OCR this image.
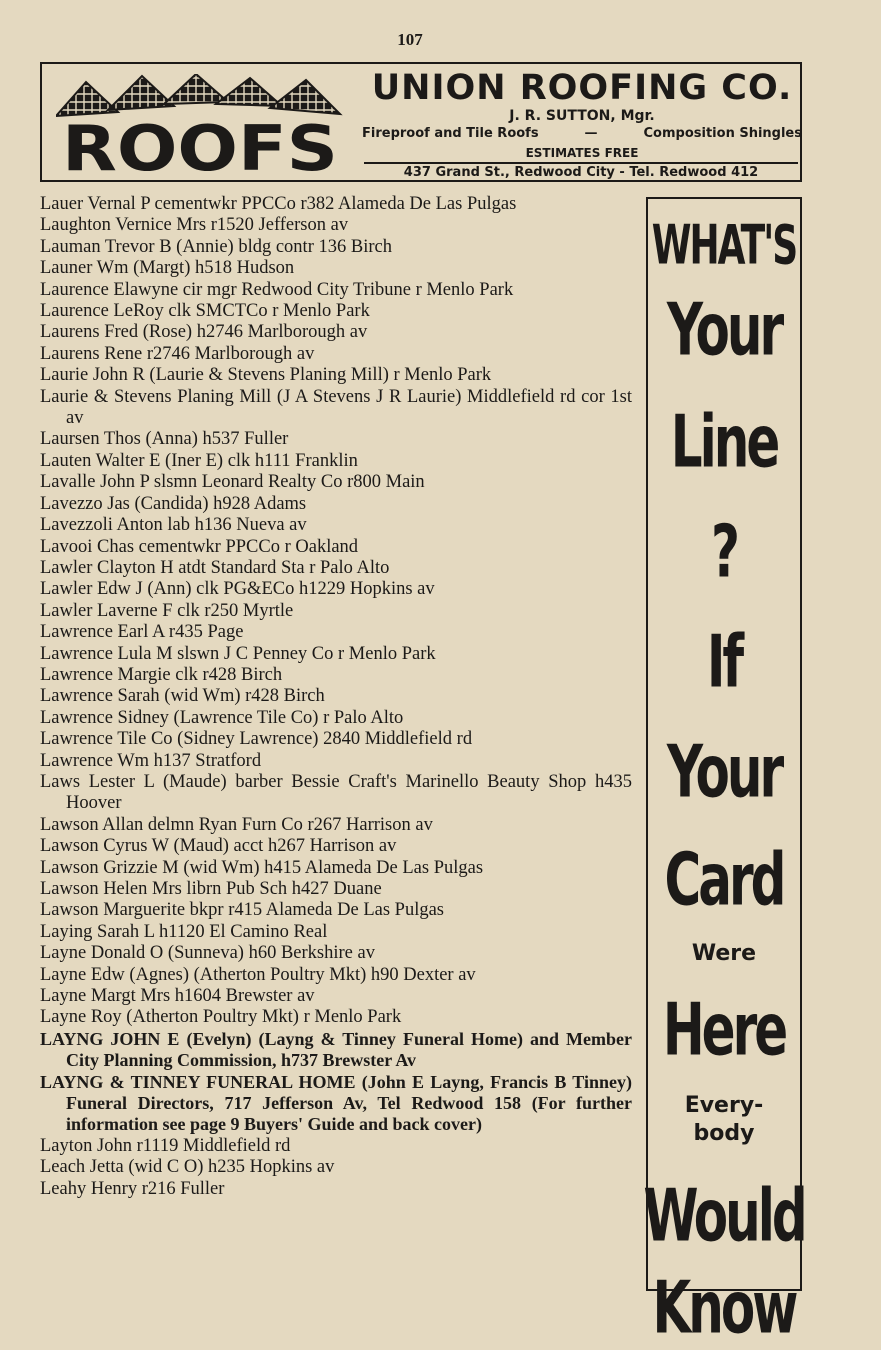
107
ROOFS
UNION ROOFING CO.
J. R. SUTTON, Mgr.
Fireproof and Tile Roofs	—	Composition Shingles
ESTIMATES FREE
437 Grand St., Redwood City - Tel. Redwood 412
Lauer Vernal P cementwkr PPCCo r382 Alameda De Las Pulgas
Laughton Vernice Mrs r1520 Jefferson av
Lauman Trevor B (Annie) bldg contr 136 Birch
Launer Wm (Margt) h518 Hudson
Laurence Elawyne cir mgr Redwood City Tribune r Menlo Park
Laurence LeRoy clk SMCTCo r Menlo Park
Laurens Fred (Rose) h2746 Marlborough av
Laurens Rene r2746 Marlborough av
Laurie John R (Laurie & Stevens Planing Mill) r Menlo Park
Laurie & Stevens Planing Mill (J A Stevens J R Laurie) Middlefield rd cor 1st av
Laursen Thos (Anna) h537 Fuller
Lauten Walter E (Iner E) clk h111 Franklin
Lavalle John P slsmn Leonard Realty Co r800 Main
Lavezzo Jas (Candida) h928 Adams
Lavezzoli Anton lab h136 Nueva av
Lavooi Chas cementwkr PPCCo r Oakland
Lawler Clayton H atdt Standard Sta r Palo Alto
Lawler Edw J (Ann) clk PG&ECo h1229 Hopkins av
Lawler Laverne F clk r250 Myrtle
Lawrence Earl A r435 Page
Lawrence Lula M slswn J C Penney Co r Menlo Park
Lawrence Margie clk r428 Birch
Lawrence Sarah (wid Wm) r428 Birch
Lawrence Sidney (Lawrence Tile Co) r Palo Alto
Lawrence Tile Co (Sidney Lawrence) 2840 Middlefield rd
Lawrence Wm h137 Stratford
Laws Lester L (Maude) barber Bessie Craft's Marinello Beauty Shop h435 Hoover
Lawson Allan delmn Ryan Furn Co r267 Harrison av
Lawson Cyrus W (Maud) acct h267 Harrison av
Lawson Grizzie M (wid Wm) h415 Alameda De Las Pulgas
Lawson Helen Mrs librn Pub Sch h427 Duane
Lawson Marguerite bkpr r415 Alameda De Las Pulgas
Laying Sarah L h1120 El Camino Real
Layne Donald O (Sunneva) h60 Berkshire av
Layne Edw (Agnes) (Atherton Poultry Mkt) h90 Dexter av
Layne Margt Mrs h1604 Brewster av
Layne Roy (Atherton Poultry Mkt) r Menlo Park
LAYNG JOHN E (Evelyn) (Layng & Tinney Funeral Home) and Member City Planning Commission, h737 Brewster Av
LAYNG & TINNEY FUNERAL HOME (John E Layng, Francis B Tinney) Funeral Directors, 717 Jefferson Av, Tel Redwood 158 (For further information see page 9 Buyers' Guide and back cover)
Layton John r1119 Middlefield rd
Leach Jetta (wid C O) h235 Hopkins av
Leahy Henry r216 Fuller
WHAT'S
Your
Line
?
If
Your
Card
Were
Here
Every-
body
Would
Know
